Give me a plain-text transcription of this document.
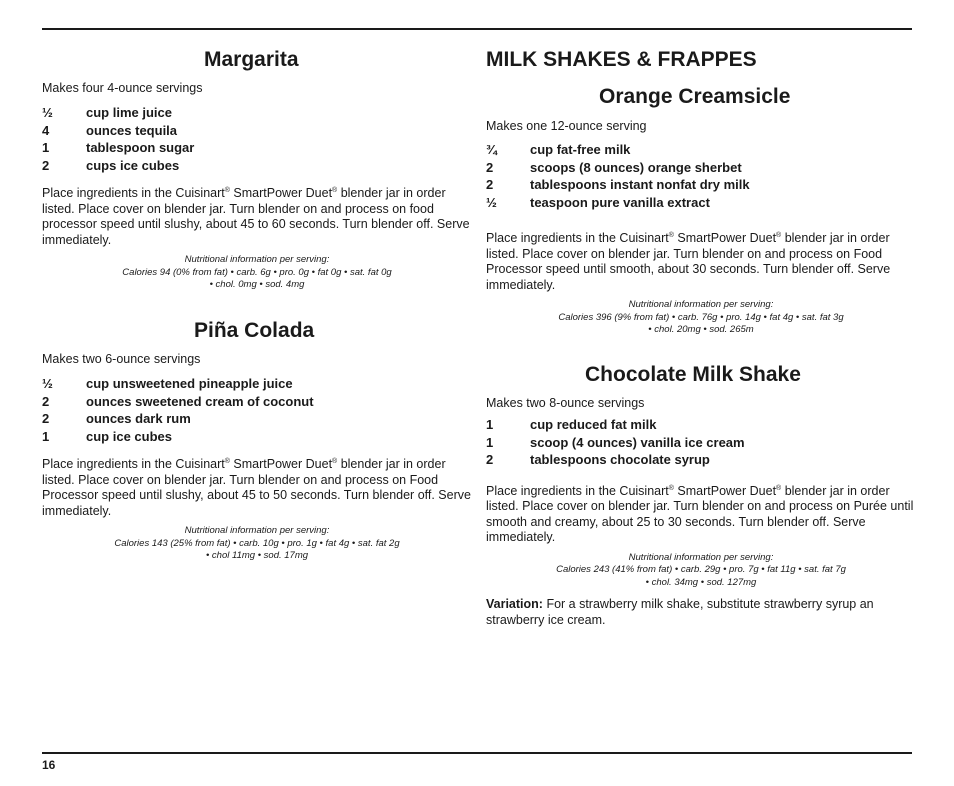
Margarita

Makes four 4-ounce servings

½	cup lime juice
4	ounces tequila
1	tablespoon sugar
2	cups ice cubes

Place ingredients in the Cuisinart® SmartPower Duet® blender jar in order listed. Place cover on blender jar. Turn blender on and process on food processor speed until slushy, about 45 to 60 seconds. Turn blender off. Serve immediately.

Nutritional information per serving:

Calories 94 (0% from fat) • carb. 6g • pro. 0g • fat 0g • sat. fat 0g

• chol. 0mg • sod. 4mg

Piña Colada

Makes two 6-ounce servings

½	cup unsweetened pineapple juice
2	ounces sweetened cream of coconut
2	ounces dark rum
1	cup ice cubes

Place ingredients in the Cuisinart® SmartPower Duet® blender jar in order listed. Place cover on blender jar. Turn blender on and process on Food Processor speed until slushy, about 45 to 50 seconds. Turn blender off. Serve immediately.

Nutritional information per serving:

Calories 143 (25% from fat) • carb. 10g • pro. 1g • fat 4g • sat. fat 2g

• chol 11mg • sod. 17mg

MILK SHAKES & FRAPPES
Orange Creamsicle

Makes one 12-ounce serving

¾	cup fat-free milk
2	scoops (8 ounces) orange sherbet
2	tablespoons instant nonfat dry milk
½	teaspoon pure vanilla extract

Place ingredients in the Cuisinart® SmartPower Duet® blender jar in order listed. Place cover on blender jar. Turn blender on and process on Food Processor speed until smooth, about 30 seconds. Turn blender off. Serve immediately.

Nutritional information per serving:

Calories 396 (9% from fat) • carb. 76g • pro. 14g • fat 4g • sat. fat 3g

• chol. 20mg • sod. 265m

Chocolate Milk Shake

Makes two 8-ounce servings

1	cup reduced fat milk
1	scoop (4 ounces) vanilla ice cream
2	tablespoons chocolate syrup

Place ingredients in the Cuisinart® SmartPower Duet® blender jar in order listed. Place cover on blender jar. Turn blender on and process on Purée until smooth and creamy, about 25 to 30 seconds. Turn blender off. Serve immediately.

Nutritional information per serving:

Calories 243 (41% from fat) • carb. 29g • pro. 7g • fat 11g • sat. fat 7g

• chol. 34mg • sod. 127mg

Variation: For a strawberry milk shake, substitute strawberry syrup an strawberry ice cream.

16
